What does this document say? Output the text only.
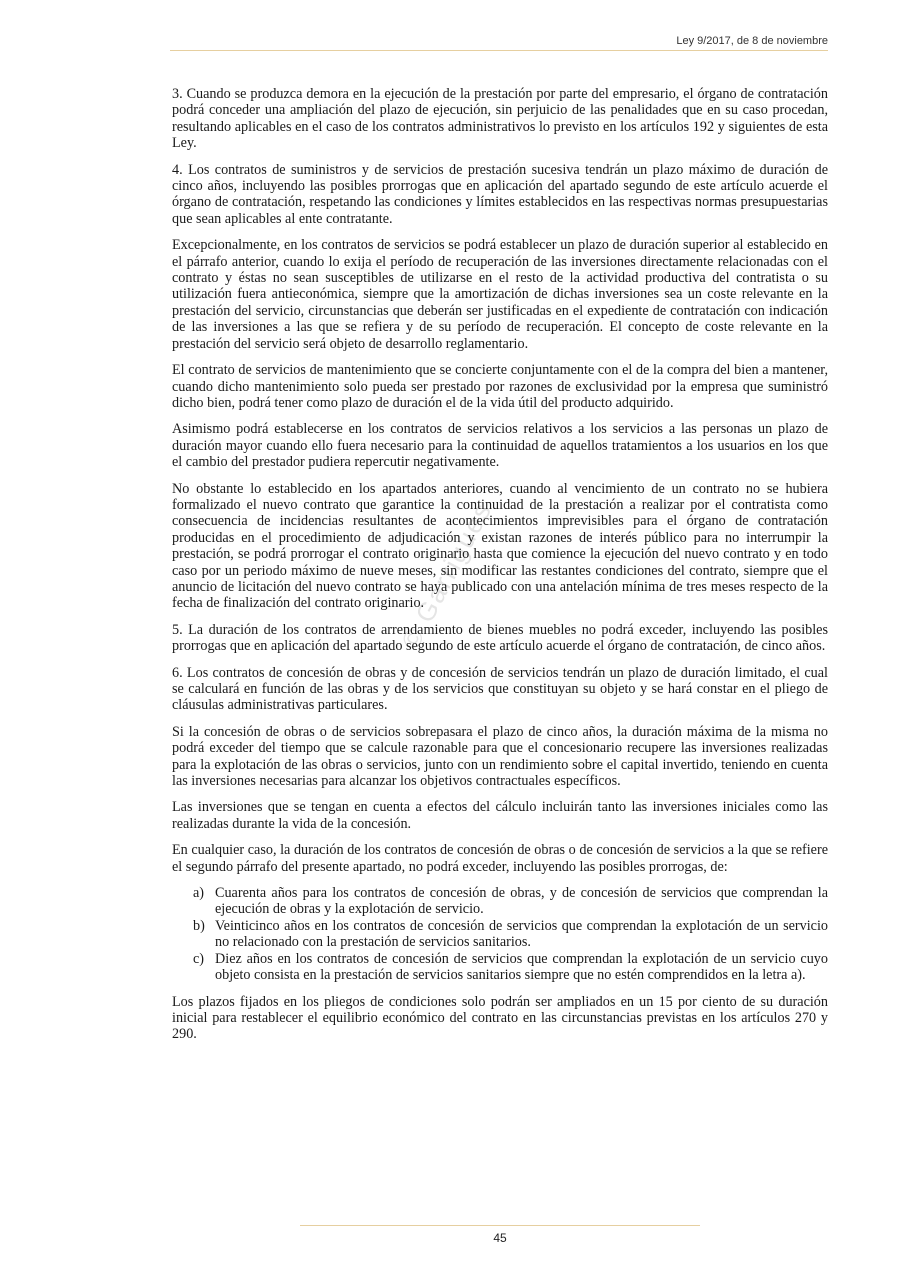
Ley 9/2017, de 8 de noviembre
© Garrigues

3. Cuando se produzca demora en la ejecución de la prestación por parte del empresario, el órgano de contratación podrá conceder una ampliación del plazo de ejecución, sin perjuicio de las penalidades que en su caso procedan, resultando aplicables en el caso de los contratos administrativos lo previsto en los artículos 192 y siguientes de esta Ley.

4. Los contratos de suministros y de servicios de prestación sucesiva tendrán un plazo máximo de duración de cinco años, incluyendo las posibles prorrogas que en aplicación del apartado segundo de este artículo acuerde el órgano de contratación, respetando las condiciones y límites establecidos en las respectivas normas presupuestarias que sean aplicables al ente contratante.

Excepcionalmente, en los contratos de servicios se podrá establecer un plazo de duración superior al establecido en el párrafo anterior, cuando lo exija el período de recuperación de las inversiones directamente relacionadas con el contrato y éstas no sean susceptibles de utilizarse en el resto de la actividad productiva del contratista o su utilización fuera antieconómica, siempre que la amortización de dichas inversiones sea un coste relevante en la prestación del servicio, circunstancias que deberán ser justificadas en el expediente de contratación con indicación de las inversiones a las que se refiera y de su período de recuperación. El concepto de coste relevante en la prestación del servicio será objeto de desarrollo reglamentario.

El contrato de servicios de mantenimiento que se concierte conjuntamente con el de la compra del bien a mantener, cuando dicho mantenimiento solo pueda ser prestado por razones de exclusividad por la empresa que suministró dicho bien, podrá tener como plazo de duración el de la vida útil del producto adquirido.

Asimismo podrá establecerse en los contratos de servicios relativos a los servicios a las personas un plazo de duración mayor cuando ello fuera necesario para la continuidad de aquellos tratamientos a los usuarios en los que el cambio del prestador pudiera repercutir negativamente.

No obstante lo establecido en los apartados anteriores, cuando al vencimiento de un contrato no se hubiera formalizado el nuevo contrato que garantice la continuidad de la prestación a realizar por el contratista como consecuencia de incidencias resultantes de acontecimientos imprevisibles para el órgano de contratación producidas en el procedimiento de adjudicación y existan razones de interés público para no interrumpir la prestación, se podrá prorrogar el contrato originario hasta que comience la ejecución del nuevo contrato y en todo caso por un periodo máximo de nueve meses, sin modificar las restantes condiciones del contrato, siempre que el anuncio de licitación del nuevo contrato se haya publicado con una antelación mínima de tres meses respecto de la fecha de finalización del contrato originario.

5. La duración de los contratos de arrendamiento de bienes muebles no podrá exceder, incluyendo las posibles prorrogas que en aplicación del apartado segundo de este artículo acuerde el órgano de contratación, de cinco años.

6. Los contratos de concesión de obras y de concesión de servicios tendrán un plazo de duración limitado, el cual se calculará en función de las obras y de los servicios que constituyan su objeto y se hará constar en el pliego de cláusulas administrativas particulares.

Si la concesión de obras o de servicios sobrepasara el plazo de cinco años, la duración máxima de la misma no podrá exceder del tiempo que se calcule razonable para que el concesionario recupere las inversiones realizadas para la explotación de las obras o servicios, junto con un rendimiento sobre el capital invertido, teniendo en cuenta las inversiones necesarias para alcanzar los objetivos contractuales específicos.

Las inversiones que se tengan en cuenta a efectos del cálculo incluirán tanto las inversiones iniciales como las realizadas durante la vida de la concesión.

En cualquier caso, la duración de los contratos de concesión de obras o de concesión de servicios a la que se refiere el segundo párrafo del presente apartado, no podrá exceder, incluyendo las posibles prorrogas, de:

a) Cuarenta años para los contratos de concesión de obras, y de concesión de servicios que comprendan la ejecución de obras y la explotación de servicio.
b) Veinticinco años en los contratos de concesión de servicios que comprendan la explotación de un servicio no relacionado con la prestación de servicios sanitarios.
c) Diez años en los contratos de concesión de servicios que comprendan la explotación de un servicio cuyo objeto consista en la prestación de servicios sanitarios siempre que no estén comprendidos en la letra a).

Los plazos fijados en los pliegos de condiciones solo podrán ser ampliados en un 15 por ciento de su duración inicial para restablecer el equilibrio económico del contrato en las circunstancias previstas en los artículos 270 y 290.

45
